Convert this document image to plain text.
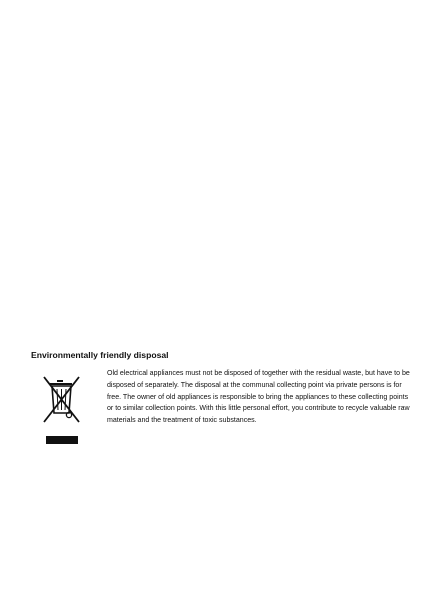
Environmentally friendly disposal

Old electrical appliances must not be disposed of together with the residual waste, but have to be disposed of separately. The disposal at the communal collecting point via private persons is for free. The owner of old appliances is responsible to bring the appliances to these collecting points or to similar collection points. With this little personal effort, you contribute to recycle valuable raw materials and the treatment of toxic substances.
